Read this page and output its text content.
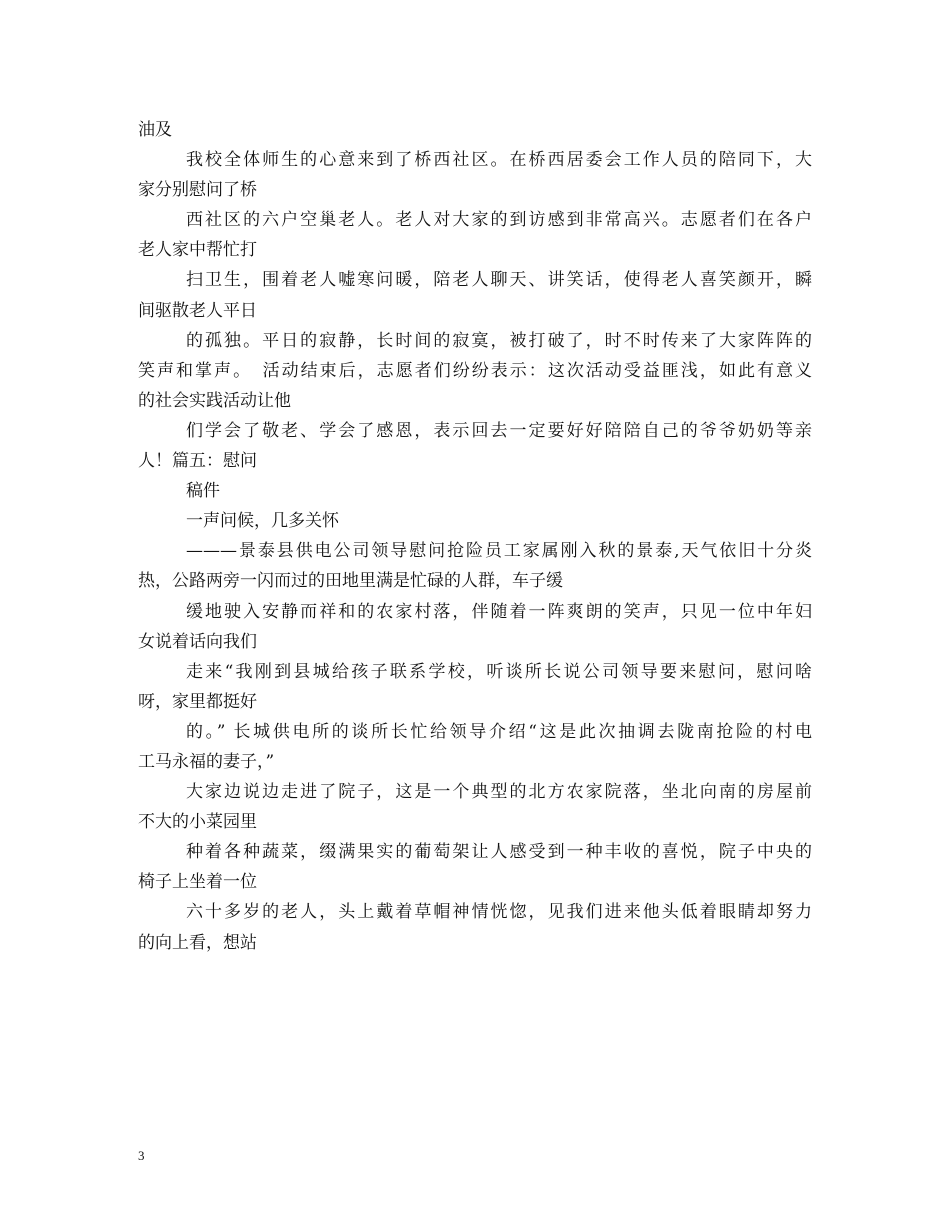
油及
我校全体师生的心意来到了桥西社区。在桥西居委会工作人员的陪同下，大
家分别慰问了桥
西社区的六户空巢老人。老人对大家的到访感到非常高兴。志愿者们在各户
老人家中帮忙打
扫卫生，围着老人嘘寒问暖，陪老人聊天、讲笑话，使得老人喜笑颜开，瞬
间驱散老人平日
的孤独。平日的寂静，长时间的寂寞，被打破了，时不时传来了大家阵阵的
笑声和掌声。　活动结束后，志愿者们纷纷表示：这次活动受益匪浅，如此有意义
的社会实践活动让他
们学会了敬老、学会了感恩，表示回去一定要好好陪陪自己的爷爷奶奶等亲
人！篇五：慰问
稿件
一声问候，几多关怀
———景泰县供电公司领导慰问抢险员工家属刚入秋的景泰,天气依旧十分炎
热，公路两旁一闪而过的田地里满是忙碌的人群，车子缓
缓地驶入安静而祥和的农家村落，伴随着一阵爽朗的笑声，只见一位中年妇
女说着话向我们
走来“我刚到县城给孩子联系学校，听谈所长说公司领导要来慰问，慰问啥
呀，家里都挺好
的。” 长城供电所的谈所长忙给领导介绍“这是此次抽调去陇南抢险的村电
工马永福的妻子，”
大家边说边走进了院子，这是一个典型的北方农家院落，坐北向南的房屋前
不大的小菜园里
种着各种蔬菜，缀满果实的葡萄架让人感受到一种丰收的喜悦，院子中央的
椅子上坐着一位
六十多岁的老人，头上戴着草帽神情恍惚，见我们进来他头低着眼睛却努力
的向上看，想站
3
